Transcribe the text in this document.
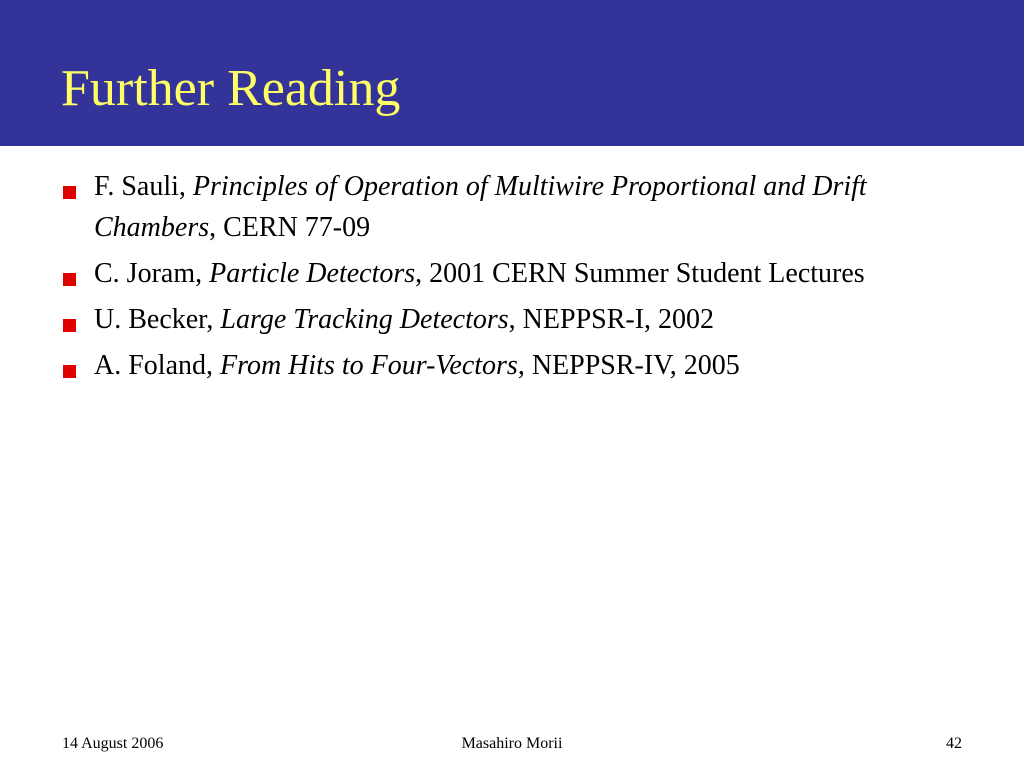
Further Reading
F. Sauli, Principles of Operation of Multiwire Proportional and Drift Chambers, CERN 77-09
C. Joram, Particle Detectors, 2001 CERN Summer Student Lectures
U. Becker, Large Tracking Detectors, NEPPSR-I, 2002
A. Foland, From Hits to Four-Vectors, NEPPSR-IV, 2005
14 August 2006	Masahiro Morii	42
